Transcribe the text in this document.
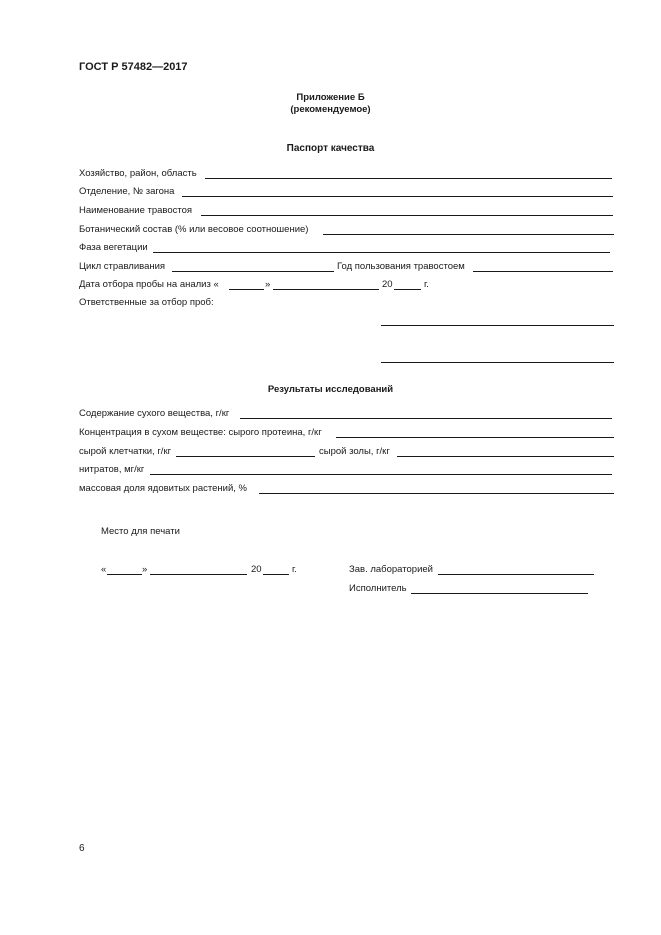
ГОСТ Р 57482—2017
Приложение Б
(рекомендуемое)
Паспорт качества
Хозяйство, район, область
Отделение, № загона
Наименование травостоя
Ботанический состав (% или весовое соотношение)
Фаза вегетации
Цикл стравливания	Год пользования травостоем
Дата отбора пробы на анализ «	»	20	г.
Ответственные за отбор проб:
Результаты исследований
Содержание сухого вещества, г/кг
Концентрация в сухом веществе: сырого протеина, г/кг
сырой клетчатки, г/кг	сырой золы, г/кг
нитратов, мг/кг
массовая доля ядовитых растений, %
Место для печати
«	»	20	г.	Зав. лабораторией
Исполнитель
6
